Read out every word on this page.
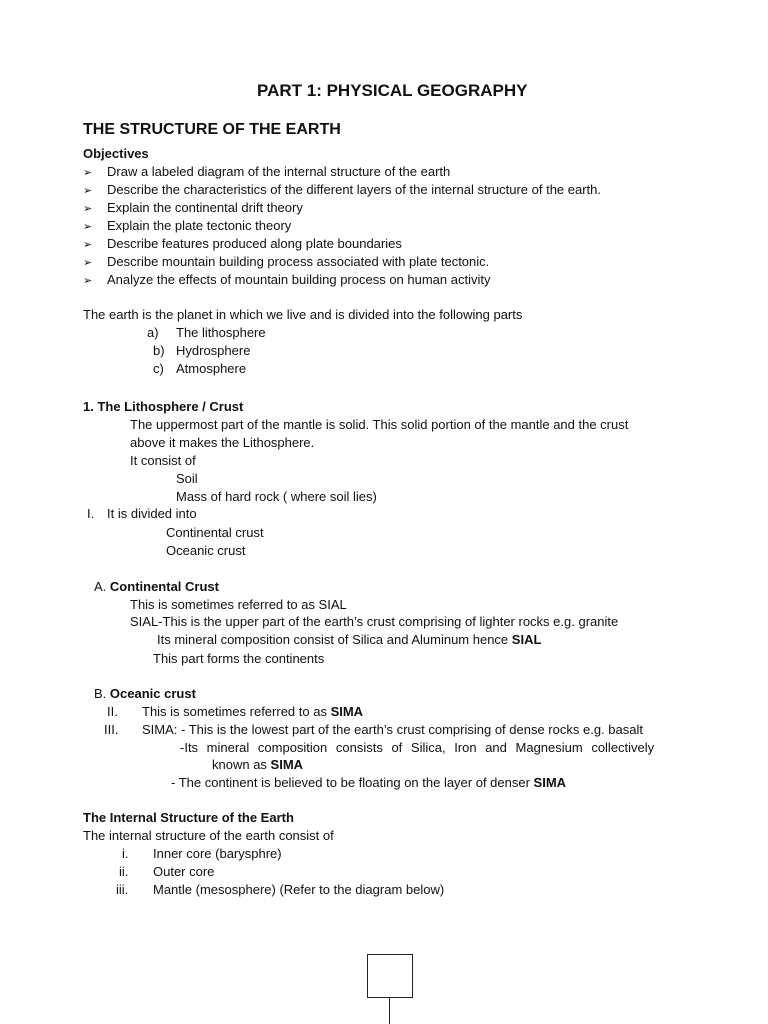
PART 1: PHYSICAL GEOGRAPHY
THE STRUCTURE OF THE EARTH
Objectives
➢ Draw a labeled diagram of the internal structure of the earth
➢ Describe the characteristics of the different layers of the internal structure of the earth.
➢ Explain the continental drift theory
➢ Explain the plate tectonic theory
➢ Describe features produced along plate boundaries
➢ Describe mountain building process associated with plate tectonic.
➢ Analyze the effects of mountain building process on human activity
The earth is the planet in which we live and is divided into the following parts
a) The lithosphere
b) Hydrosphere
c) Atmosphere
1. The Lithosphere / Crust
The uppermost part of the mantle is solid. This solid portion of the mantle and the crust
above it makes the Lithosphere.
It consist of
Soil
Mass of hard rock ( where soil lies)
I. It is divided into
Continental crust
Oceanic crust
A. Continental Crust
This is sometimes referred to as SIAL
SIAL-This is the upper part of the earth’s crust comprising of lighter rocks e.g. granite
Its mineral composition consist of Silica and Aluminum hence SIAL
This part forms the continents
B. Oceanic crust
II. This is sometimes referred to as SIMA
III. SIMA: - This is the lowest part of the earth’s crust comprising of dense rocks e.g. basalt
-Its mineral composition consists of Silica, Iron and Magnesium collectively
known as SIMA
- The continent is believed to be floating on the layer of denser SIMA
The Internal Structure of the Earth
The internal structure of the earth consist of
i. Inner core (barysphre)
ii. Outer core
iii. Mantle (mesosphere) (Refer to the diagram below)
